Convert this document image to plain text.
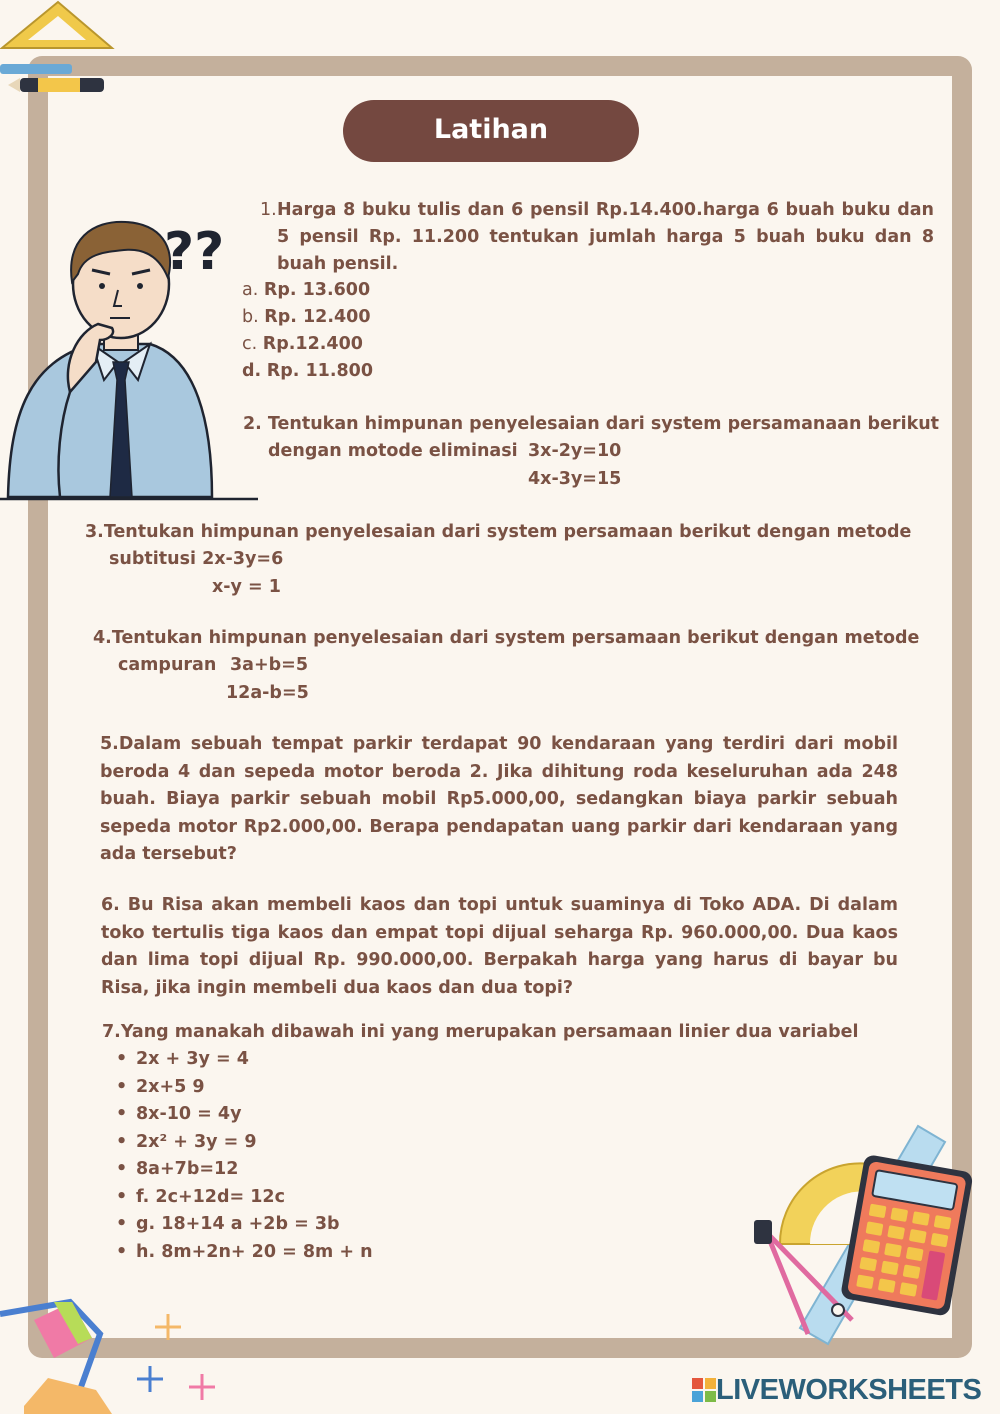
Latihan
??

1. Harga 8 buku tulis dan 6 pensil Rp.14.400.harga 6 buah buku dan 5 pensil Rp. 11.200 tentukan jumlah harga 5 buah buku dan 8 buah pensil.

a. Rp. 13.600
b. Rp. 12.400
c. Rp.12.400
d. Rp. 11.800
2. Tentukan himpunan penyelesaian dari system persamanaan berikut
dengan motode eliminasi 3x-2y=10
4x-3y=15
3.Tentukan himpunan penyelesaian dari system persamaan berikut dengan metode
subtitusi 2x-3y=6
x-y = 1
4.Tentukan himpunan penyelesaian dari system persamaan berikut dengan metode
campuran 3a+b=5
12a-b=5

5.Dalam sebuah tempat parkir terdapat 90 kendaraan yang terdiri dari mobil beroda 4 dan sepeda motor beroda 2. Jika dihitung roda keseluruhan ada 248 buah. Biaya parkir sebuah mobil Rp5.000,00, sedangkan biaya parkir sebuah sepeda motor Rp2.000,00. Berapa pendapatan uang parkir dari kendaraan yang ada tersebut?

6. Bu Risa akan membeli kaos dan topi untuk suaminya di Toko ADA. Di dalam toko tertulis tiga kaos dan empat topi dijual seharga Rp. 960.000,00. Dua kaos dan lima topi dijual Rp. 990.000,00. Berpakah harga yang harus di bayar bu Risa, jika ingin membeli dua kaos dan dua topi?

7.Yang manakah dibawah ini yang merupakan persamaan linier dua variabel
• 2x + 3y = 4
• 2x+5 9
• 8x-10 = 4y
• 2x² + 3y = 9
• 8a+7b=12
• f. 2c+12d= 12c
• g. 18+14 a +2b = 3b
• h. 8m+2n+ 20 = 8m + n
LIVEWORKSHEETS
